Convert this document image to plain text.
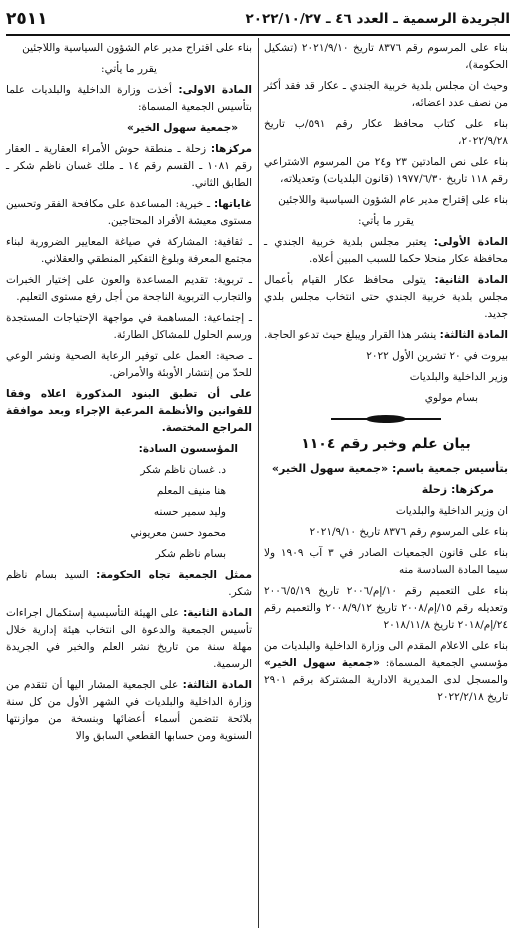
الجريدة الرسمية ـ العدد ٤٦ ـ ٢٠٢٢/١٠/٢٧
٢٥١١

بناء على المرسوم رقم ٨٣٧٦ تاريخ ٢٠٢١/٩/١٠ (تشكيل الحكومة)،

وحيث ان مجلس بلدية خربية الجندي ـ عكار قد فقد أكثر من نصف عدد اعضائه،

بناء على كتاب محافظ عكار رقم ٥٩١/ب تاريخ ٢٠٢٢/٩/٢٨،

بناء على نص المادتين ٢٣ و٢٤ من المرسوم الاشتراعي رقم ١١٨ تاريخ ١٩٧٧/٦/٣٠ (قانون البلديات) وتعديلاته،

بناء على إقتراح مدير عام الشؤون السياسية واللاجئين

يقرر ما يأتي:

المادة الأولى: يعتبر مجلس بلدية خربية الجندي ـ محافظة عكار منحلا حكما للسبب المبين أعلاه.

المادة الثانية: يتولى محافظ عكار القيام بأعمال مجلس بلدية خربية الجندي حتى انتخاب مجلس بلدي جديد.

المادة الثالثة: ينشر هذا القرار ويبلغ حيث تدعو الحاجة.

بيروت في ٢٠ تشرين الأول ٢٠٢٢

وزير الداخلية والبلديات

بسام مولوي

بيان علم وخبر رقم ١١٠٤

بتأسيس جمعية باسم: «جمعية سهول الخير»

مركزها: زحلة

ان وزير الداخلية والبلديات

بناء على المرسوم رقم ٨٣٧٦ تاريخ ٢٠٢١/٩/١٠

بناء على قانون الجمعيات الصادر في ٣ آب ١٩٠٩ ولا سيما المادة السادسة منه

بناء على التعميم رقم ١٠/إم/٢٠٠٦ تاريخ ٢٠٠٦/٥/١٩ وتعديله رقم ١٥/إم/٢٠٠٨ تاريخ ٢٠٠٨/٩/١٢ والتعميم رقم ٢٤/إم/٢٠١٨ تاريخ ٢٠١٨/١١/٨

بناء على الاعلام المقدم الى وزارة الداخلية والبلديات من مؤسسي الجمعية المسماة: «جمعية سهول الخير» والمسجل لدى المديرية الادارية المشتركة برقم ٢٩٠١ تاريخ ٢٠٢٢/٢/١٨

بناء على اقتراح مدير عام الشؤون السياسية واللاجئين

يقرر ما يأتي:

المادة الاولى: أخذت وزارة الداخلية والبلديات علما بتأسيس الجمعية المسماة:

«جمعية سهول الخير»

مركزها: زحلة ـ منطقة حوش الأمراء العقارية ـ العقار رقم ١٠٨١ ـ القسم رقم ١٤ ـ ملك غسان ناظم شكر ـ الطابق الثاني.

غاياتها: ـ خيرية: المساعدة على مكافحة الفقر وتحسين مستوى معيشة الأفراد المحتاجين.

ـ ثقافية: المشاركة في صياغة المعايير الضرورية لبناء مجتمع المعرفة وبلوغ التفكير المنطقي والعقلاني.

ـ تربوية: تقديم المساعدة والعون على إختيار الخبرات والتجارب التربوية الناجحة من أجل رفع مستوى التعليم.

ـ إجتماعية: المساهمة في مواجهة الإحتياجات المستجدة ورسم الحلول للمشاكل الطارئة.

ـ صحية: العمل على توفير الرعاية الصحية ونشر الوعي للحدّ من إنتشار الأوبئة والأمراض.

على أن تطبق البنود المذكورة اعلاه وفقا للقوانين والأنظمة المرعية الإجراء وبعد موافقة المراجع المختصة.

المؤسسون السادة:

د. غسان ناظم شكر

هنا منيف المعلم

وليد سمير حسنه

محمود حسن معريوني

بسام ناظم شكر

ممثل الجمعية تجاه الحكومة: السيد بسام ناظم شكر.

المادة الثانية: على الهيئة التأسيسية إستكمال اجراءات تأسيس الجمعية والدعوة الى انتخاب هيئة إدارية خلال مهلة سنة من تاريخ نشر العلم والخبر في الجريدة الرسمية.

المادة الثالثة: على الجمعية المشار اليها أن تتقدم من وزارة الداخلية والبلديات في الشهر الأول من كل سنة بلائحة تتضمن أسماء أعضائها وبنسخة من موازنتها السنوية ومن حسابها القطعي السابق والا
